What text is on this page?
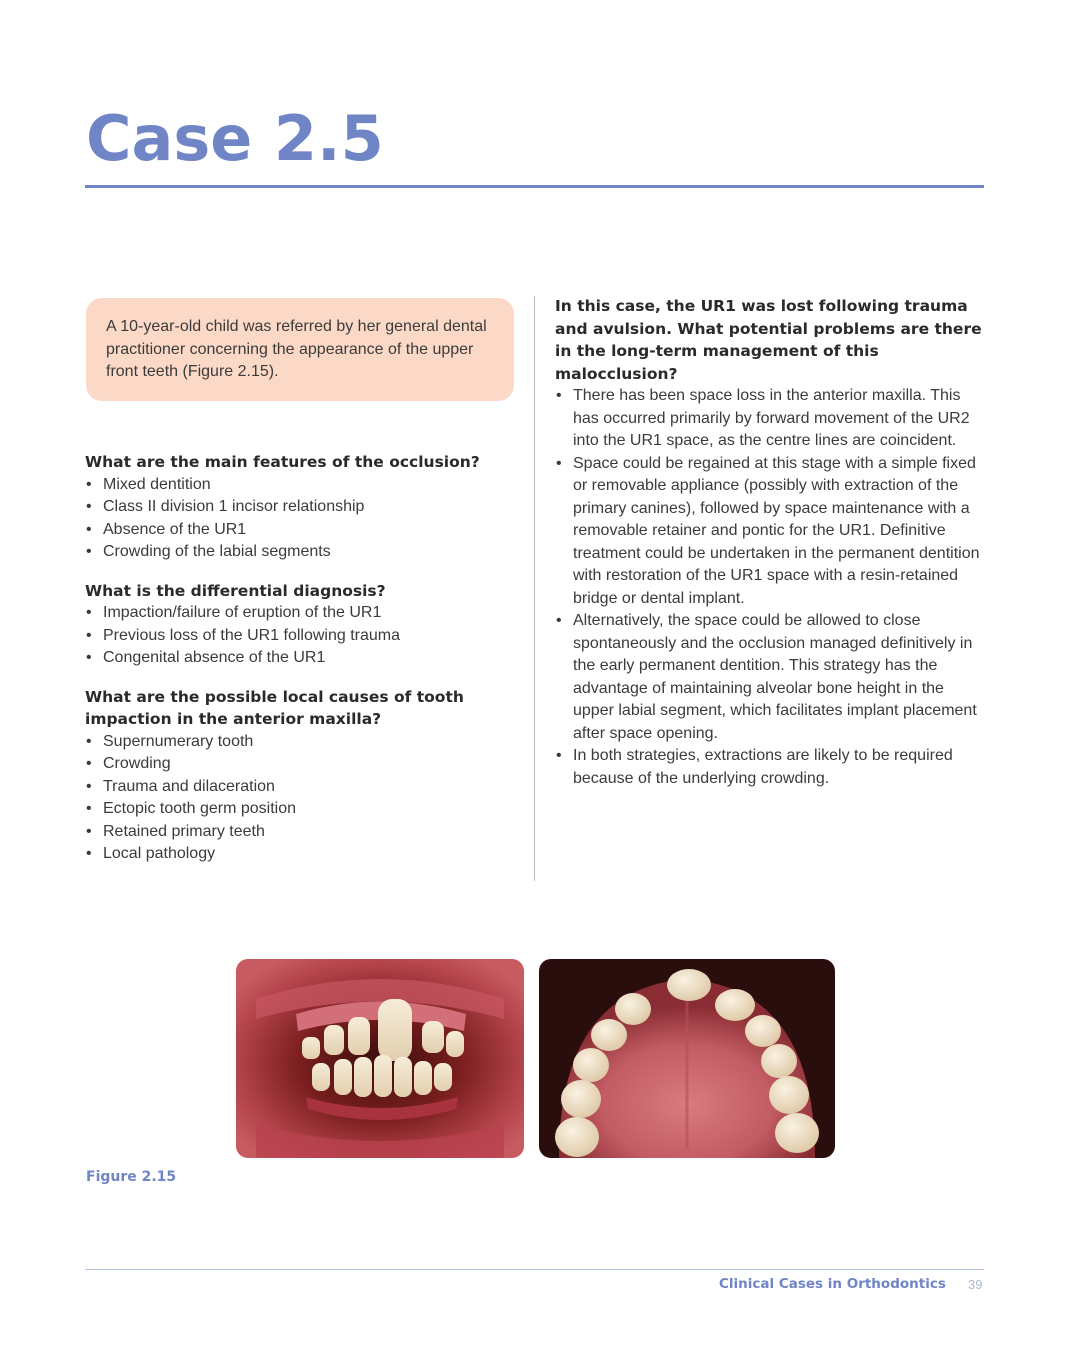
Case 2.5

A 10-year-old child was referred by her general dental practitioner concerning the appearance of the upper front teeth (Figure 2.15).

What are the main features of the occlusion?
• Mixed dentition
• Class II division 1 incisor relationship
• Absence of the UR1
• Crowding of the labial segments
What is the differential diagnosis?
• Impaction/failure of eruption of the UR1
• Previous loss of the UR1 following trauma
• Congenital absence of the UR1
What are the possible local causes of tooth impaction in the anterior maxilla?
• Supernumerary tooth
• Crowding
• Trauma and dilaceration
• Ectopic tooth germ position
• Retained primary teeth
• Local pathology
In this case, the UR1 was lost following trauma and avulsion. What potential problems are there in the long-term management of this malocclusion?
• There has been space loss in the anterior maxilla. This has occurred primarily by forward movement of the UR2 into the UR1 space, as the centre lines are coincident.
• Space could be regained at this stage with a simple fixed or removable appliance (possibly with extraction of the primary canines), followed by space maintenance with a removable retainer and pontic for the UR1. Definitive treatment could be undertaken in the permanent dentition with restoration of the UR1 space with a resin-retained bridge or dental implant.
• Alternatively, the space could be allowed to close spontaneously and the occlusion managed definitively in the early permanent dentition. This strategy has the advantage of maintaining alveolar bone height in the upper labial segment, which facilitates implant placement after space opening.
• In both strategies, extractions are likely to be required because of the underlying crowding.
Figure 2.15
Clinical Cases in Orthodontics 39
